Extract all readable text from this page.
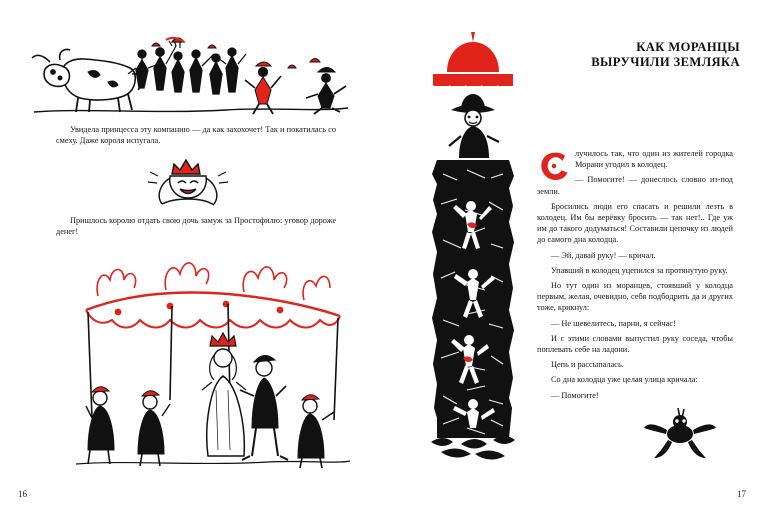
Увидела принцесса эту компанию — да как захохочет! Так и покатилась со смеху. Даже короля испугала.

Пришлось королю отдать свою дочь замуж за Простофилю: уговор дороже денег!

16
КАК МОРАНЦЫ
ВЫРУЧИЛИ ЗЕМЛЯКА

лучилось так, что один из жителей городка Морани угодил в колодец.

— Помогите! — донеслось словно из-под земли.

Бросились люди его спасать и решили лезть в колодец. Им бы верёвку бросить — так нет!.. Где уж им до такого додуматься! Составили цепочку из людей до самого дна колодца.

— Эй, давай руку! — кричал.

Упавший в колодец уцепился за протянутую руку.

Но тут один из моранцев, стоявший у колодца первым, желая, очевидно, себя подбодрить да и других тоже, крикнул:

— Не шевелитесь, парни, я сейчас!

И с этими словами выпустил руку соседа, чтобы поплевать себе на ладони.

Цепь и рассыпалась.

Со дна колодца уже целая улица кричала:

— Помогите!

17
